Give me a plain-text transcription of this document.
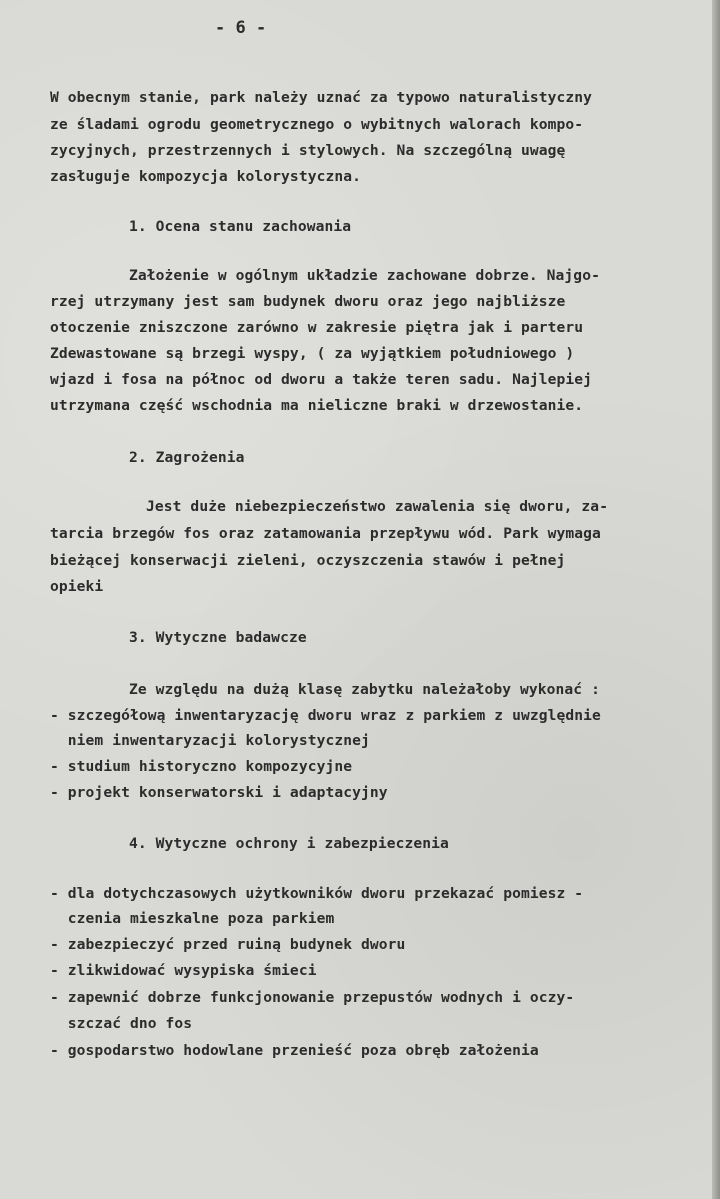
- 6 -
W obecnym stanie, park należy uznać za typowo naturalistyczny
ze śladami ogrodu geometrycznego o wybitnych walorach kompo-
zycyjnych, przestrzennych i stylowych. Na szczególną uwagę
zasługuje kompozycja kolorystyczna.
1. Ocena stanu zachowania
Założenie w ogólnym układzie zachowane dobrze. Najgo-
rzej utrzymany jest sam budynek dworu oraz jego najbliższe
otoczenie zniszczone zarówno w zakresie piętra jak i parteru
Zdewastowane są brzegi wyspy, ( za wyjątkiem południowego )
wjazd i fosa na północ od dworu a także teren sadu. Najlepiej
utrzymana część wschodnia ma nieliczne braki w drzewostanie.
2. Zagrożenia
Jest duże niebezpieczeństwo zawalenia się dworu, za-
tarcia brzegów fos oraz zatamowania przepływu wód. Park wymaga
bieżącej konserwacji zieleni, oczyszczenia stawów i pełnej
opieki
3. Wytyczne badawcze
Ze względu na dużą klasę zabytku należałoby wykonać :
- szczegółową inwentaryzację dworu wraz z parkiem z uwzględnie
niem inwentaryzacji kolorystycznej
- studium historyczno kompozycyjne
- projekt konserwatorski i adaptacyjny
4. Wytyczne ochrony i zabezpieczenia
- dla dotychczasowych użytkowników dworu przekazać pomiesz -
czenia mieszkalne poza parkiem
- zabezpieczyć przed ruiną budynek dworu
- zlikwidować wysypiska śmieci
- zapewnić dobrze funkcjonowanie przepustów wodnych i oczy-
szczać dno fos
- gospodarstwo hodowlane przenieść poza obręb założenia
